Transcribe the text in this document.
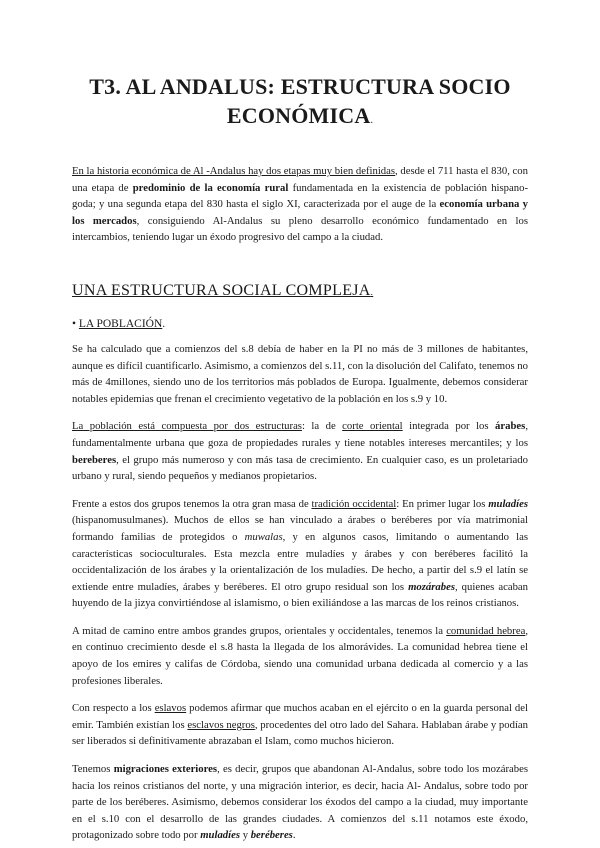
T3. AL ANDALUS: ESTRUCTURA SOCIO ECONÓMICA.

En la historia económica de Al -Andalus hay dos etapas muy bien definidas, desde el 711 hasta el 830, con una etapa de predominio de la economía rural fundamentada en la existencia de población hispano- goda; y una segunda etapa del 830 hasta el siglo XI, caracterizada por el auge de la economía urbana y los mercados, consiguiendo Al-Andalus su pleno desarrollo económico fundamentado en los intercambios, teniendo lugar un éxodo progresivo del campo a la ciudad.

UNA ESTRUCTURA SOCIAL COMPLEJA.
• LA POBLACIÓN.

Se ha calculado que a comienzos del s.8 debía de haber en la PI no más de 3 millones de habitantes, aunque es difícil cuantificarlo. Asimismo, a comienzos del s.11, con la disolución del Califato, tenemos no más de 4millones, siendo uno de los territorios más poblados de Europa. Igualmente, debemos considerar notables epidemias que frenan el crecimiento vegetativo de la población en los s.9 y 10.

La población está compuesta por dos estructuras: la de corte oriental integrada por los árabes, fundamentalmente urbana que goza de propiedades rurales y tiene notables intereses mercantiles; y los bereberes, el grupo más numeroso y con más tasa de crecimiento. En cualquier caso, es un proletariado urbano y rural, siendo pequeños y medianos propietarios.

Frente a estos dos grupos tenemos la otra gran masa de tradición occidental: En primer lugar los muladíes (hispanomusulmanes). Muchos de ellos se han vinculado a árabes o beréberes por vía matrimonial formando familias de protegidos o muwalas, y en algunos casos, limitando o aumentando las características socioculturales. Esta mezcla entre muladíes y árabes y con beréberes facilitó la occidentalización de los árabes y la orientalización de los muladíes. De hecho, a partir del s.9 el latín se extiende entre muladíes, árabes y beréberes. El otro grupo residual son los mozárabes, quienes acaban huyendo de la jizya convirtiéndose al islamismo, o bien exiliándose a las marcas de los reinos cristianos.

A mitad de camino entre ambos grandes grupos, orientales y occidentales, tenemos la comunidad hebrea, en continuo crecimiento desde el s.8 hasta la llegada de los almorávides. La comunidad hebrea tiene el apoyo de los emires y califas de Córdoba, siendo una comunidad urbana dedicada al comercio y a las profesiones liberales.

Con respecto a los eslavos podemos afirmar que muchos acaban en el ejército o en la guarda personal del emir. También existían los esclavos negros, procedentes del otro lado del Sahara. Hablaban árabe y podían ser liberados si definitivamente abrazaban el Islam, como muchos hicieron.

Tenemos migraciones exteriores, es decir, grupos que abandonan Al-Andalus, sobre todo los mozárabes hacia los reinos cristianos del norte, y una migración interior, es decir, hacia Al- Andalus, sobre todo por parte de los beréberes. Asimismo, debemos considerar los éxodos del campo a la ciudad, muy importante en el s.10 con el desarrollo de las grandes ciudades. A comienzos del s.11 notamos este éxodo, protagonizado sobre todo por muladíes y beréberes.
